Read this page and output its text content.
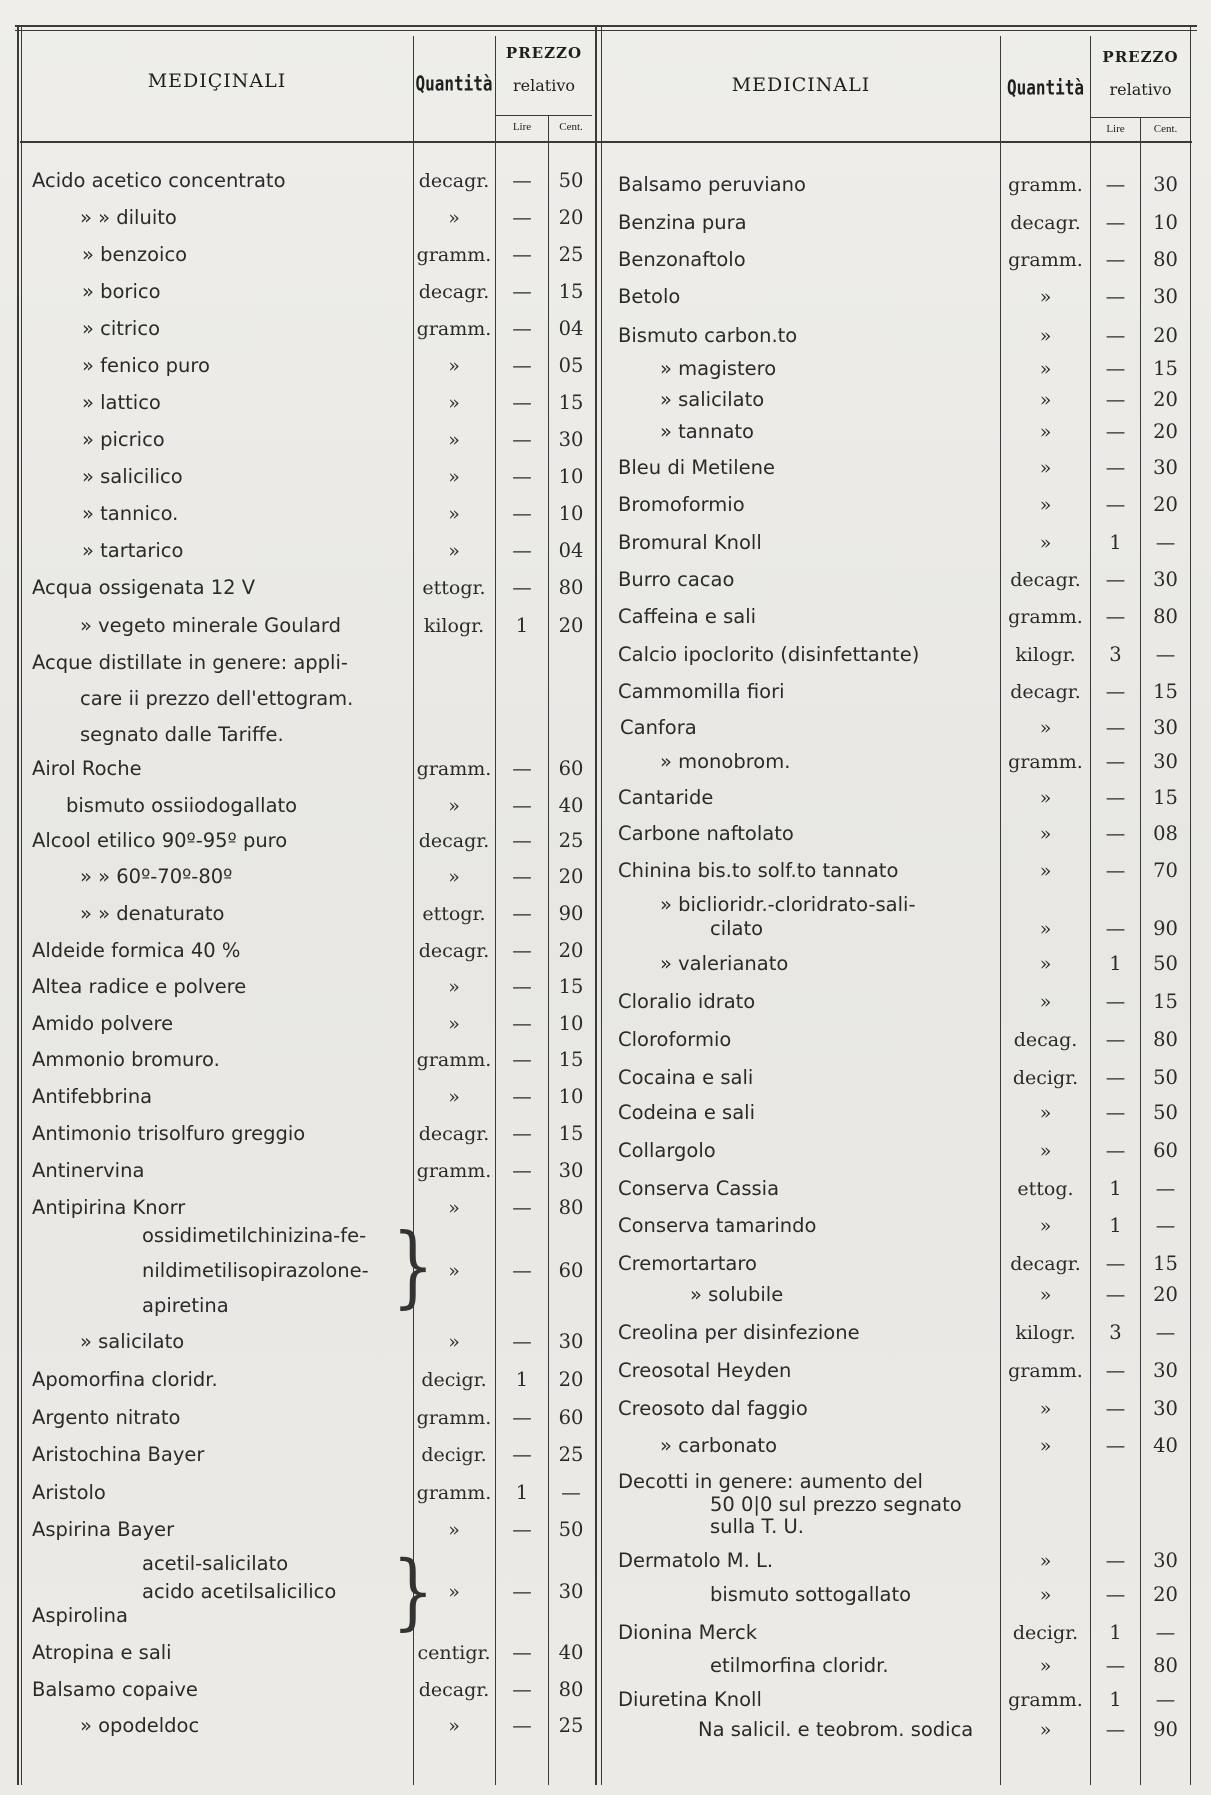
MEDIÇINALI	Quantità
PREZZO
relativo
Lire	Cent.
MEDICINALI	Quantità
PREZZO
relativo
Lire	Cent.
}
}
Acido acetico concentrato	decagr.	—	50
» » diluito	»	—	20
» benzoico	gramm.	—	25
» borico	decagr.	—	15
» citrico	gramm.	—	04
» fenico puro	»	—	05
» lattico	»	—	15
» picrico	»	—	30
» salicilico	»	—	10
» tannico.	»	—	10
» tartarico	»	—	04
Acqua ossigenata 12 V	ettogr.	—	80
» vegeto minerale Goulard	kilogr.	1	20
Acque distillate in genere: appli-
care ii prezzo dell'ettogram.
segnato dalle Tariffe.
Airol Roche	gramm.	—	60
bismuto ossiiodogallato	»	—	40
Alcool etilico 90º-95º puro	decagr.	—	25
» » 60º-70º-80º	»	—	20
» » denaturato	ettogr.	—	90
Aldeide formica 40 %	decagr.	—	20
Altea radice e polvere	»	—	15
Amido polvere	»	—	10
Ammonio bromuro.	gramm.	—	15
Antifebbrina	»	—	10
Antimonio trisolfuro greggio	decagr.	—	15
Antinervina	gramm.	—	30
Antipirina Knorr	»	—	80
ossidimetilchinizina-fe-
nildimetilisopirazolone-	»	—	60
apiretina
» salicilato	»	—	30
Apomorfina cloridr.	decigr.	1	20
Argento nitrato	gramm.	—	60
Aristochina Bayer	decigr.	—	25
Aristolo	gramm.	1	—
Aspirina Bayer	»	—	50
acetil-salicilato
acido acetilsalicilico	»	—	30
Aspirolina
Atropina e sali	centigr.	—	40
Balsamo copaive	decagr.	—	80
» opodeldoc	»	—	25
Balsamo peruviano	gramm.	—	30
Benzina pura	decagr.	—	10
Benzonaftolo	gramm.	—	80
Betolo	»	—	30
Bismuto carbon.to	»	—	20
» magistero	»	—	15
» salicilato	»	—	20
» tannato	»	—	20
Bleu di Metilene	»	—	30
Bromoformio	»	—	20
Bromural Knoll	»	1	—
Burro cacao	decagr.	—	30
Caffeina e sali	gramm.	—	80
Calcio ipoclorito (disinfettante)	kilogr.	3	—
Cammomilla fiori	decagr.	—	15
Canfora	»	—	30
» monobrom.	gramm.	—	30
Cantaride	»	—	15
Carbone naftolato	»	—	08
Chinina bis.to solf.to tannato	»	—	70
» biclioridr.-cloridrato-sali-
cilato	»	—	90
» valerianato	»	1	50
Cloralio idrato	»	—	15
Cloroformio	decag.	—	80
Cocaina e sali	decigr.	—	50
Codeina e sali	»	—	50
Collargolo	»	—	60
Conserva Cassia	ettog.	1	—
Conserva tamarindo	»	1	—
Cremortartaro	decagr.	—	15
» solubile	»	—	20
Creolina per disinfezione	kilogr.	3	—
Creosotal Heyden	gramm.	—	30
Creosoto dal faggio	»	—	30
» carbonato	»	—	40
Decotti in genere: aumento del
50 0|0 sul prezzo segnato
sulla T. U.
Dermatolo M. L.	»	—	30
bismuto sottogallato	»	—	20
Dionina Merck	decigr.	1	—
etilmorfina cloridr.	»	—	80
Diuretina Knoll	gramm.	1	—
Na salicil. e teobrom. sodica	»	—	90
